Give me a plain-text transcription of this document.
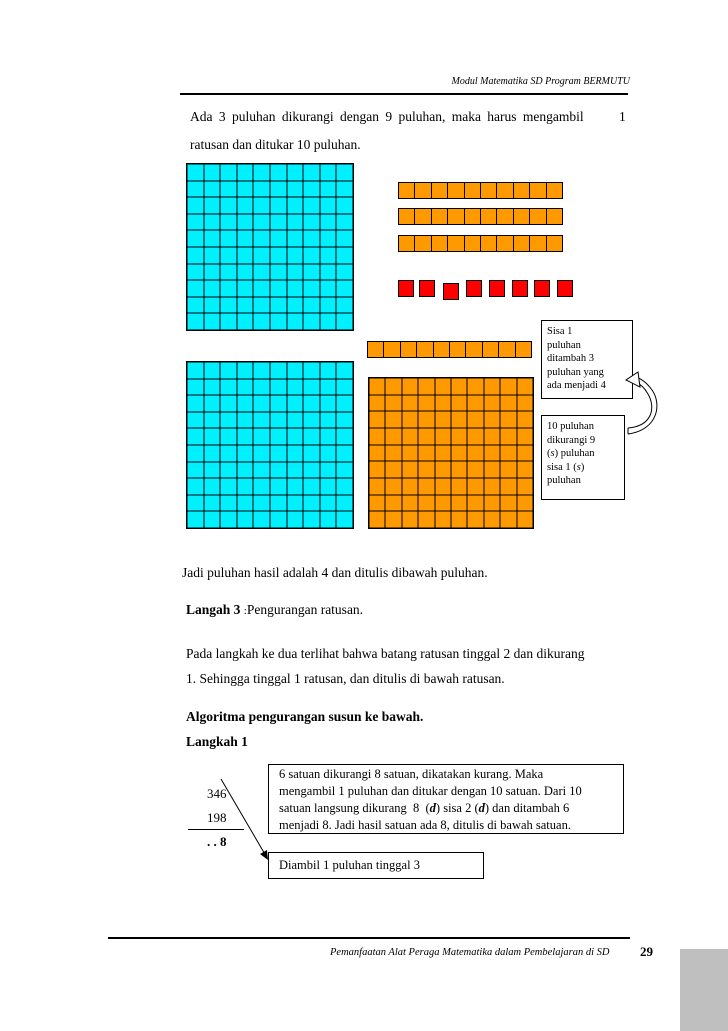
Modul Matematika SD Program BERMUTU
Ada 3 puluhan dikurangi dengan 9 puluhan, maka harus mengambil	1
ratusan dan ditukar 10 puluhan.
Sisa 1
puluhan
ditambah 3
puluhan yang
ada menjadi 4
10 puluhan
dikurangi 9
(s) puluhan
sisa 1 (s)
puluhan
Jadi puluhan hasil adalah 4 dan ditulis dibawah puluhan.
Langah 3 :Pengurangan ratusan.
Pada langkah ke dua terlihat bahwa batang ratusan tinggal 2 dan dikurang
1. Sehingga tinggal 1 ratusan, dan ditulis di bawah ratusan.
Algoritma pengurangan susun ke bawah.
Langkah 1
346
198
. . 8
6 satuan dikurangi 8 satuan, dikatakan kurang. Maka
mengambil 1 puluhan dan ditukar dengan 10 satuan. Dari 10
satuan langsung dikurang  8  (d) sisa 2 (d) dan ditambah 6
menjadi 8. Jadi hasil satuan ada 8, ditulis di bawah satuan.
Diambil 1 puluhan tinggal 3
Pemanfaatan Alat Peraga Matematika dalam Pembelajaran di SD 29
